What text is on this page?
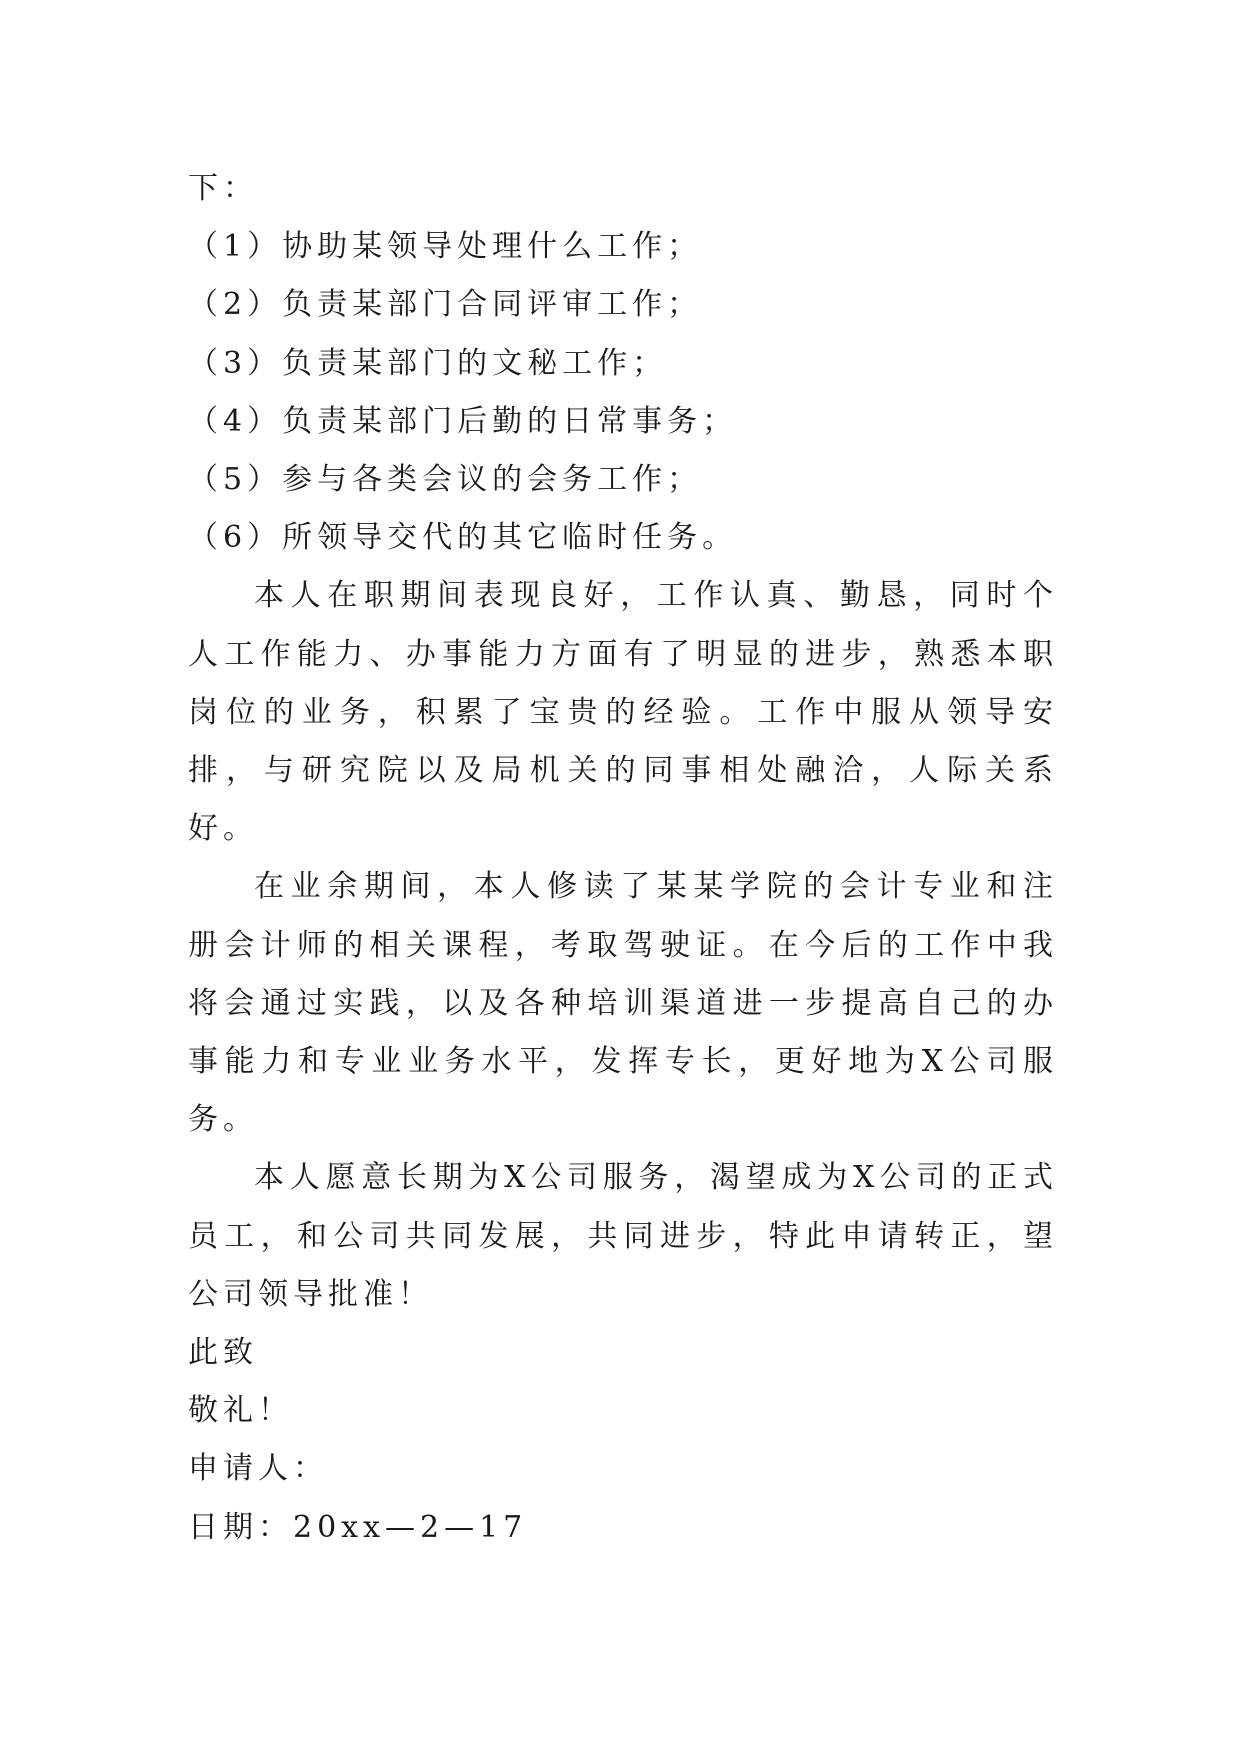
下：

（1）协助某领导处理什么工作；

（2）负责某部门合同评审工作；

（3）负责某部门的文秘工作；

（4）负责某部门后勤的日常事务；

（5）参与各类会议的会务工作；

（6）所领导交代的其它临时任务。

本人在职期间表现良好，工作认真、勤恳，同时个人工作能力、办事能力方面有了明显的进步，熟悉本职岗位的业务，积累了宝贵的经验。工作中服从领导安排，与研究院以及局机关的同事相处融洽，人际关系好。

在业余期间，本人修读了某某学院的会计专业和注册会计师的相关课程，考取驾驶证。在今后的工作中我将会通过实践，以及各种培训渠道进一步提高自己的办事能力和专业业务水平，发挥专长，更好地为X公司服务。

本人愿意长期为X公司服务，渴望成为X公司的正式员工，和公司共同发展，共同进步，特此申请转正，望公司领导批准！

此致

敬礼！

申请人：

日期：20xx—2—17
